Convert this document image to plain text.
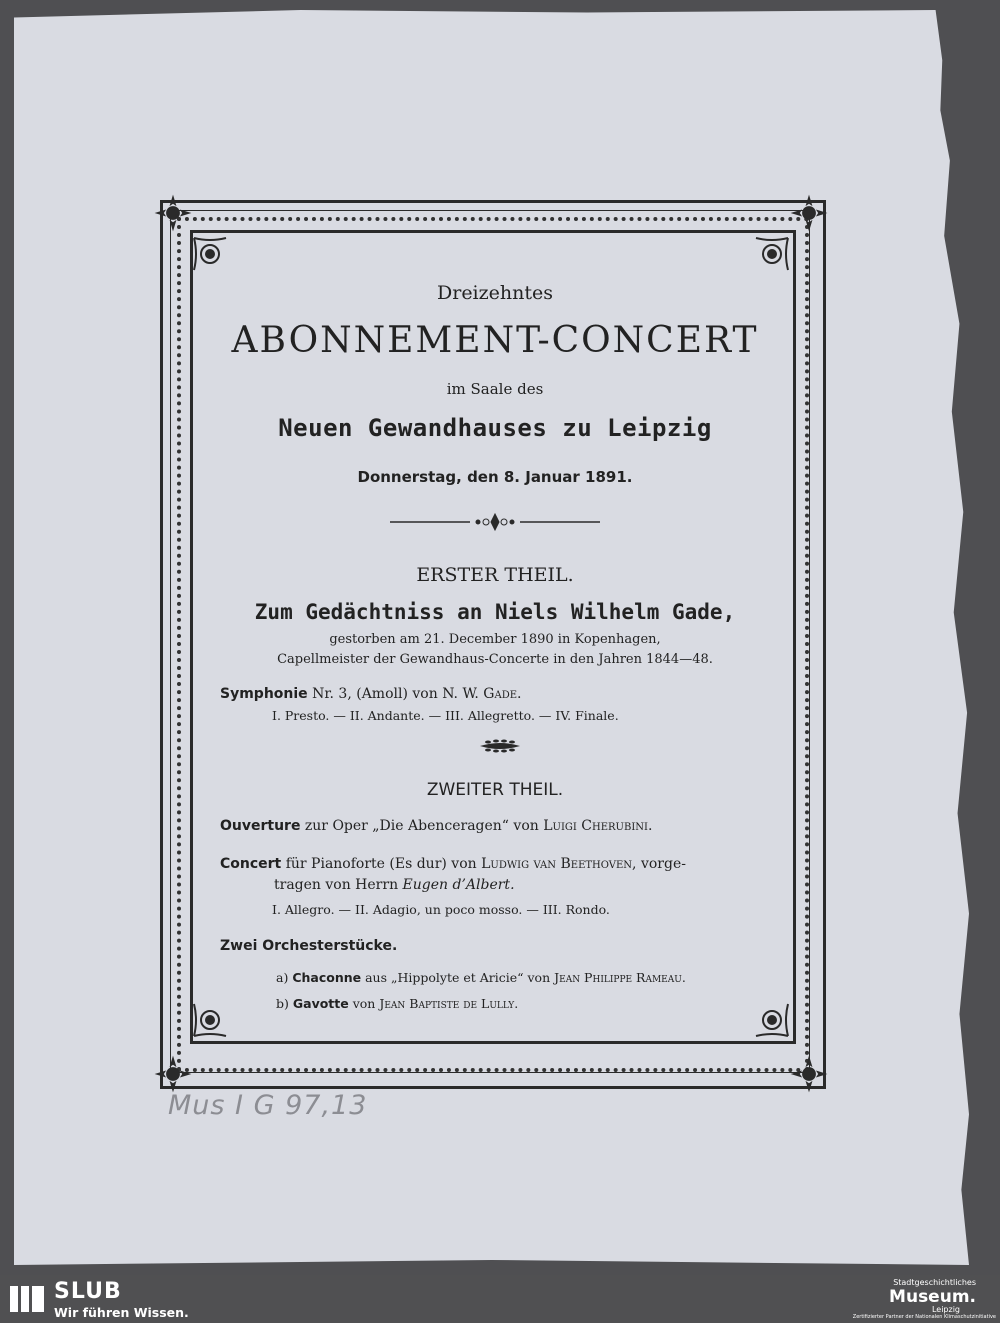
Dreizehntes
ABONNEMENT-CONCERT
im Saale des
Neuen Gewandhauses zu Leipzig
Donnerstag, den 8. Januar 1891.
ERSTER THEIL.
Zum Gedächtniss an Niels Wilhelm Gade,
gestorben am 21. December 1890 in Kopenhagen,
Capellmeister der Gewandhaus-Concerte in den Jahren 1844—48.
Symphonie Nr. 3, (Amoll) von N. W. Gade.
I. Presto. — II. Andante. — III. Allegretto. — IV. Finale.
ZWEITER THEIL.
Ouverture zur Oper „Die Abenceragen“ von Luigi Cherubini.
Concert für Pianoforte (Es dur) von Ludwig van Beethoven, vorge-
tragen von Herrn Eugen d’Albert.
I. Allegro. — II. Adagio, un poco mosso. — III. Rondo.
Zwei Orchesterstücke.
a) Chaconne aus „Hippolyte et Aricie“ von Jean Philippe Rameau.
b) Gavotte von Jean Baptiste de Lully.
Mus I G 97,13
SLUB
Wir führen Wissen.
Stadtgeschichtliches
Museum.
Leipzig
Zertifizierter Partner der Nationalen Klimaschutzinitiative
